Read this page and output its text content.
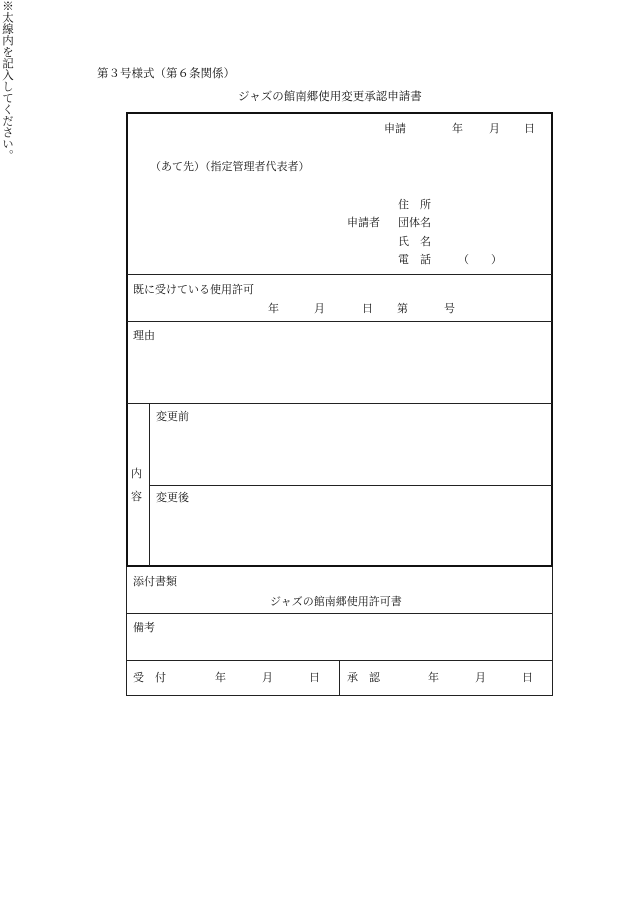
第３号様式（第６条関係）
ジャズの館南郷使用変更承認申請書
※太線内を記入してください。	申請	年 月 日
（あて先）（指定管理者代表者）
住　所
申請者 団体名
氏　名
電　話 （　　）
既に受けている使用許可
年	月	日 第	号
理由
内
容
変更前
変更後
添付書類
ジャズの館南郷使用許可書
備考
受　付	年	月	日 承　認	年	月	日
